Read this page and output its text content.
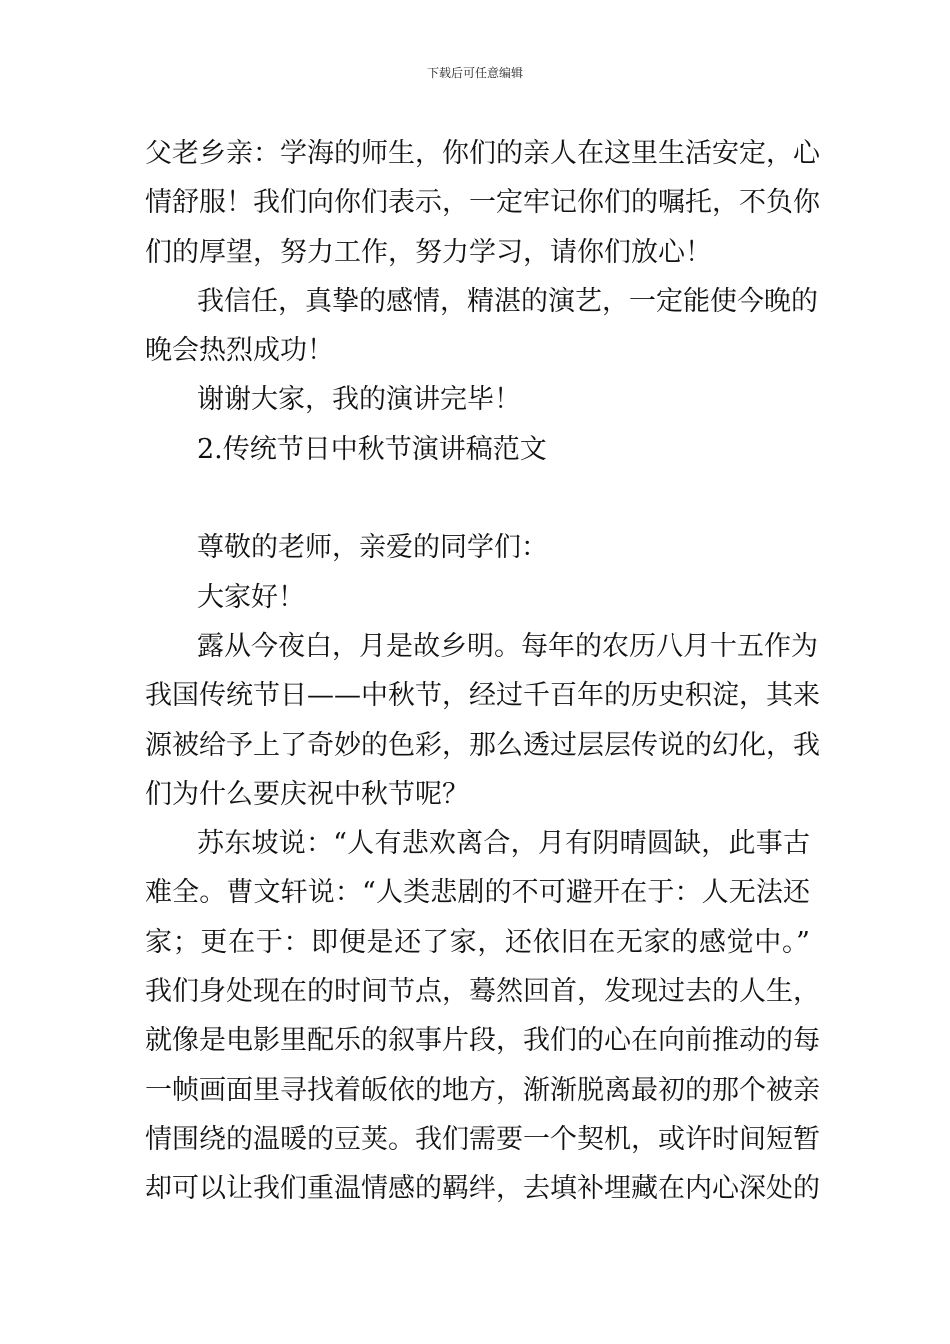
下载后可任意编辑
父老乡亲：学海的师生，你们的亲人在这里生活安定，心
情舒服！我们向你们表示，一定牢记你们的嘱托，不负你
们的厚望，努力工作，努力学习，请你们放心！
我信任，真挚的感情，精湛的演艺，一定能使今晚的
晚会热烈成功！
谢谢大家，我的演讲完毕！
2.传统节日中秋节演讲稿范文
尊敬的老师，亲爱的同学们：
大家好！
露从今夜白，月是故乡明。每年的农历八月十五作为
我国传统节日——中秋节，经过千百年的历史积淀，其来
源被给予上了奇妙的色彩，那么透过层层传说的幻化，我
们为什么要庆祝中秋节呢？
苏东坡说：“人有悲欢离合，月有阴晴圆缺，此事古
难全。曹文轩说：“人类悲剧的不可避开在于：人无法还
家；更在于：即便是还了家，还依旧在无家的感觉中。”
我们身处现在的时间节点，蓦然回首，发现过去的人生，
就像是电影里配乐的叙事片段，我们的心在向前推动的每
一帧画面里寻找着皈依的地方，渐渐脱离最初的那个被亲
情围绕的温暖的豆荚。我们需要一个契机，或许时间短暂
却可以让我们重温情感的羁绊，去填补埋藏在内心深处的
